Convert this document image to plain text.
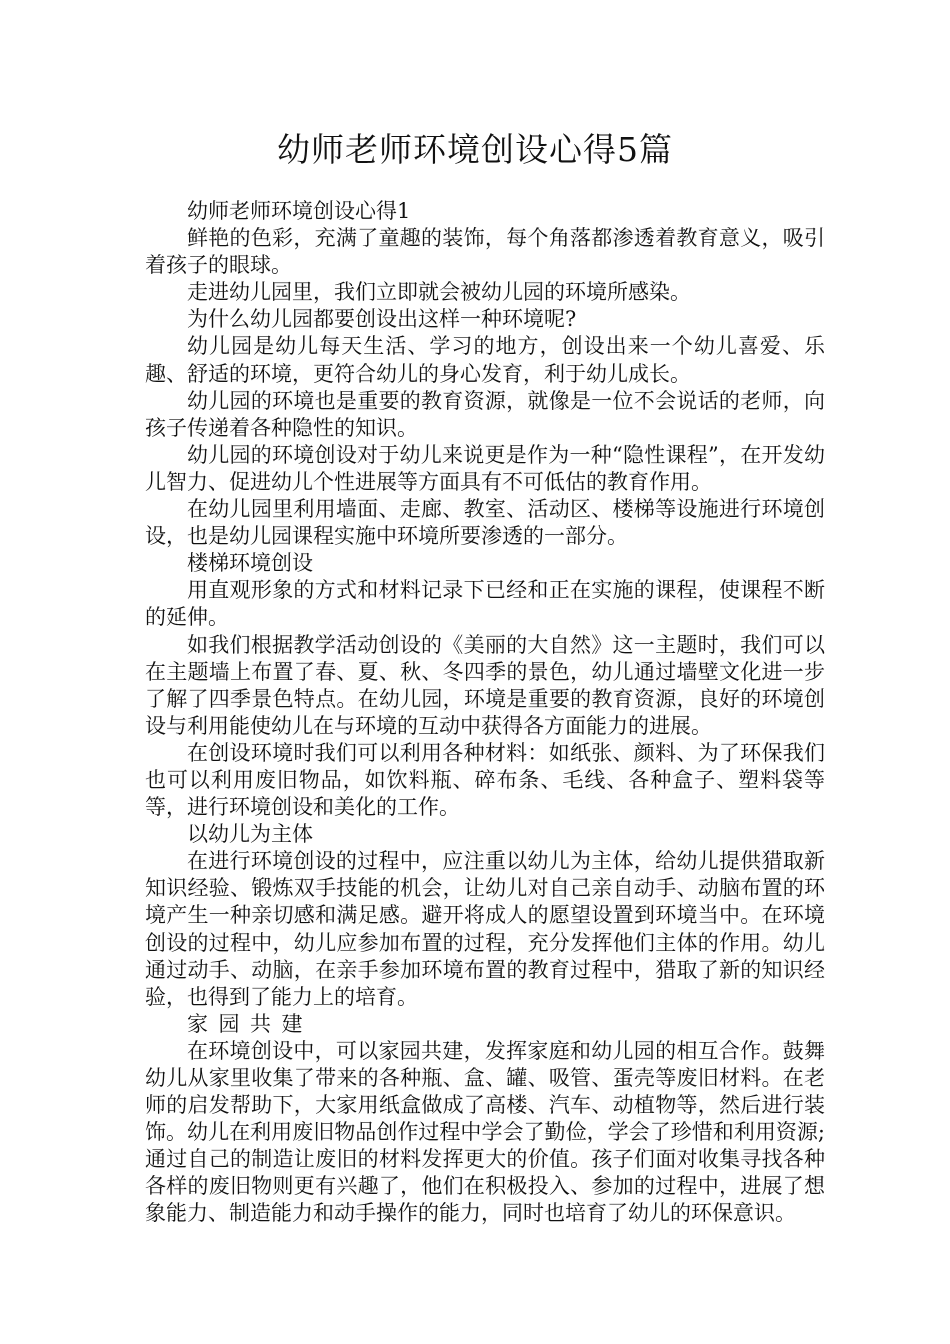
幼师老师环境创设心得5篇

幼师老师环境创设心得1

鲜艳的色彩，充满了童趣的装饰，每个角落都渗透着教育意义，吸引着孩子的眼球。

走进幼儿园里，我们立即就会被幼儿园的环境所感染。

为什么幼儿园都要创设出这样一种环境呢?

幼儿园是幼儿每天生活、学习的地方，创设出来一个幼儿喜爱、乐趣、舒适的环境，更符合幼儿的身心发育，利于幼儿成长。

幼儿园的环境也是重要的教育资源，就像是一位不会说话的老师，向孩子传递着各种隐性的知识。

幼儿园的环境创设对于幼儿来说更是作为一种“隐性课程”，在开发幼儿智力、促进幼儿个性进展等方面具有不可低估的教育作用。

在幼儿园里利用墙面、走廊、教室、活动区、楼梯等设施进行环境创设，也是幼儿园课程实施中环境所要渗透的一部分。

楼梯环境创设

用直观形象的方式和材料记录下已经和正在实施的课程，使课程不断的延伸。

如我们根据教学活动创设的《美丽的大自然》这一主题时，我们可以在主题墙上布置了春、夏、秋、冬四季的景色，幼儿通过墙壁文化进一步了解了四季景色特点。在幼儿园，环境是重要的教育资源，良好的环境创设与利用能使幼儿在与环境的互动中获得各方面能力的进展。

在创设环境时我们可以利用各种材料：如纸张、颜料、为了环保我们也可以利用废旧物品，如饮料瓶、碎布条、毛线、各种盒子、塑料袋等等，进行环境创设和美化的工作。

以幼儿为主体

在进行环境创设的过程中，应注重以幼儿为主体，给幼儿提供猎取新知识经验、锻炼双手技能的机会，让幼儿对自己亲自动手、动脑布置的环境产生一种亲切感和满足感。避开将成人的愿望设置到环境当中。在环境创设的过程中，幼儿应参加布置的过程，充分发挥他们主体的作用。幼儿通过动手、动脑，在亲手参加环境布置的教育过程中，猎取了新的知识经验，也得到了能力上的培育。

家园共建

在环境创设中，可以家园共建，发挥家庭和幼儿园的相互合作。鼓舞幼儿从家里收集了带来的各种瓶、盒、罐、吸管、蛋壳等废旧材料。在老师的启发帮助下，大家用纸盒做成了高楼、汽车、动植物等，然后进行装饰。幼儿在利用废旧物品创作过程中学会了勤俭，学会了珍惜和利用资源;通过自己的制造让废旧的材料发挥更大的价值。孩子们面对收集寻找各种各样的废旧物则更有兴趣了，他们在积极投入、参加的过程中，进展了想象能力、制造能力和动手操作的能力，同时也培育了幼儿的环保意识。
